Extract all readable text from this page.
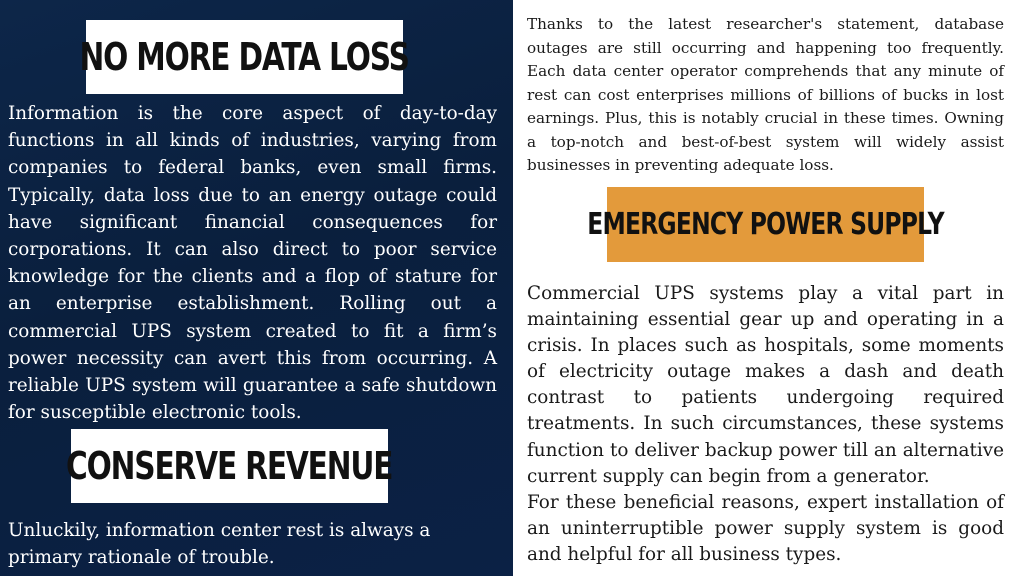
NO MORE DATA LOSS

Information is the core aspect of day-to-day functions in all kinds of industries, varying from companies to federal banks, even small firms. Typically, data loss due to an energy outage could have significant financial consequences for corporations. It can also direct to poor service knowledge for the clients and a flop of stature for an enterprise establishment. Rolling out a commercial UPS system created to fit a firm’s power necessity can avert this from occurring. A reliable UPS system will guarantee a safe shutdown for susceptible electronic tools.

CONSERVE REVENUE

Unluckily, information center rest is always a primary rationale of trouble.

Thanks to the latest researcher's statement, database outages are still occurring and happening too frequently. Each data center operator comprehends that any minute of rest can cost enterprises millions of billions of bucks in lost earnings. Plus, this is notably crucial in these times. Owning a top-notch and best-of-best system will widely assist businesses in preventing adequate loss.

EMERGENCY POWER SUPPLY

Commercial UPS systems play a vital part in maintaining essential gear up and operating in a crisis. In places such as hospitals, some moments of electricity outage makes a dash and death contrast to patients undergoing required treatments. In such circumstances, these systems function to deliver backup power till an alternative current supply can begin from a generator.

For these beneficial reasons, expert installation of an uninterruptible power supply system is good and helpful for all business types.
